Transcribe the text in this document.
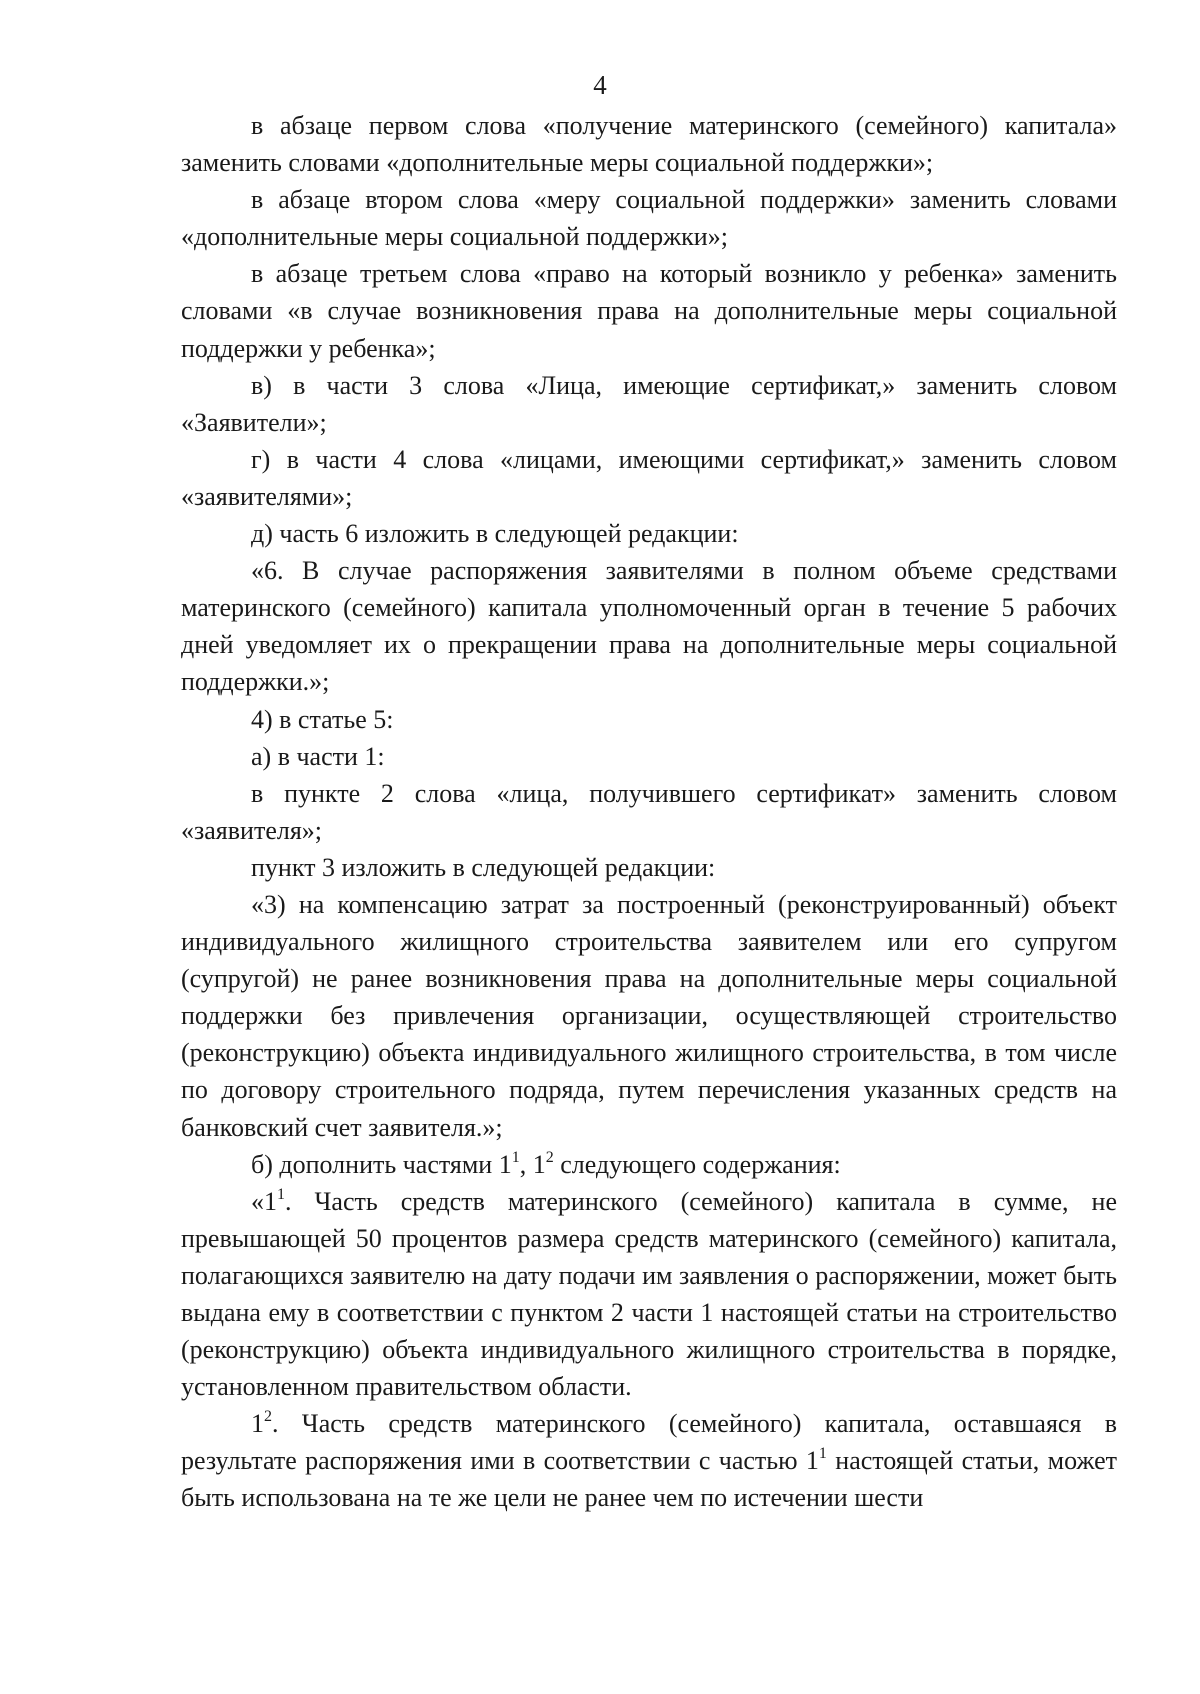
4

в абзаце первом слова «получение материнского (семейного) капитала» заменить словами «дополнительные меры социальной поддержки»;

в абзаце втором слова «меру социальной поддержки» заменить словами «дополнительные меры социальной поддержки»;

в абзаце третьем слова «право на который возникло у ребенка» заменить словами «в случае возникновения права на дополнительные меры социальной поддержки у ребенка»;

в) в части 3 слова «Лица, имеющие сертификат,» заменить словом «Заявители»;

г) в части 4 слова «лицами, имеющими сертификат,» заменить словом «заявителями»;

д) часть 6 изложить в следующей редакции:

«6. В случае распоряжения заявителями в полном объеме средствами материнского (семейного) капитала уполномоченный орган в течение 5 рабочих дней уведомляет их о прекращении права на дополнительные меры социальной поддержки.»;

4) в статье 5:

а) в части 1:

в пункте 2 слова «лица, получившего сертификат» заменить словом «заявителя»;

пункт 3 изложить в следующей редакции:

«3) на компенсацию затрат за построенный (реконструированный) объект индивидуального жилищного строительства заявителем или его супругом (супругой) не ранее возникновения права на дополнительные меры социальной поддержки без привлечения организации, осуществляющей строительство (реконструкцию) объекта индивидуального жилищного строительства, в том числе по договору строительного подряда, путем перечисления указанных средств на банковский счет заявителя.»;

б) дополнить частями $1^1$, $1^2$ следующего содержания:

«$1^1$. Часть средств материнского (семейного) капитала в сумме, не превышающей 50 процентов размера средств материнского (семейного) капитала, полагающихся заявителю на дату подачи им заявления о распоряжении, может быть выдана ему в соответствии с пунктом 2 части 1 настоящей статьи на строительство (реконструкцию) объекта индивидуального жилищного строительства в порядке, установленном правительством области.

$1^2$. Часть средств материнского (семейного) капитала, оставшаяся в результате распоряжения ими в соответствии с частью $1^1$ настоящей статьи, может быть использована на те же цели не ранее чем по истечении шести
